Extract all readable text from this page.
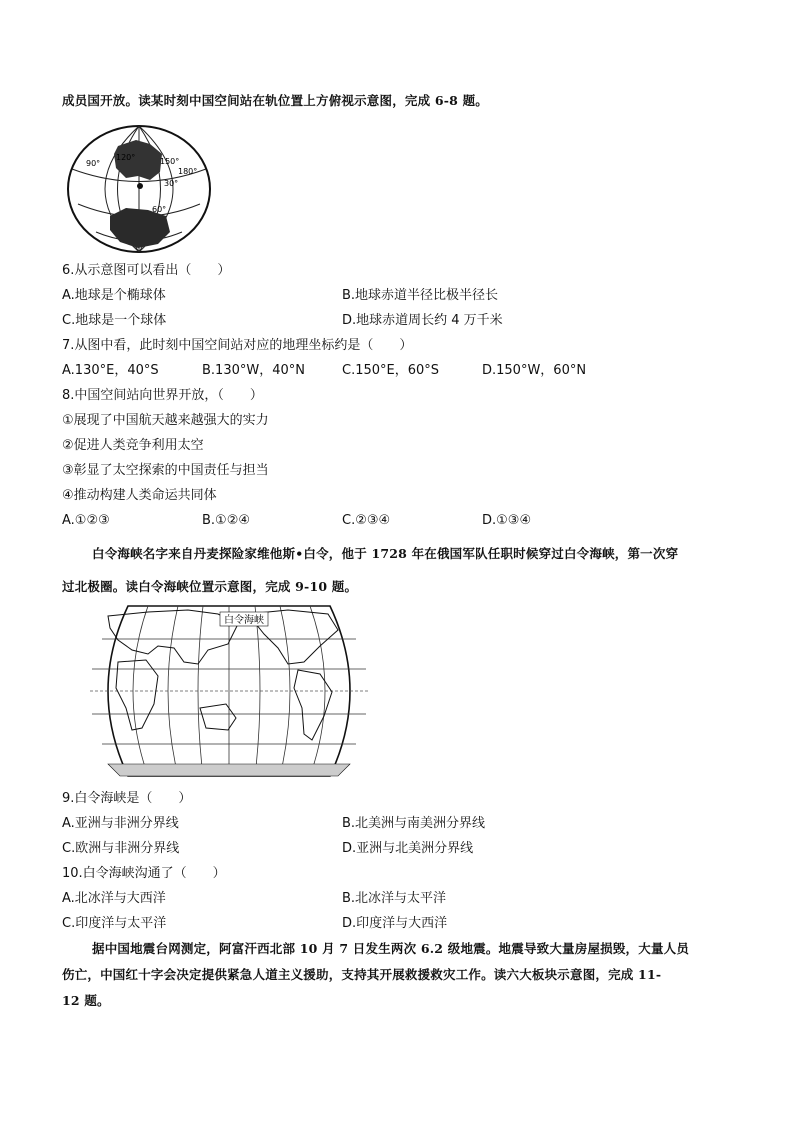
成员国开放。读某时刻中国空间站在轨位置上方俯视示意图，完成 6-8 题。
90°
120°	150°
180°
30°
60°
6.从示意图可以看出（　　）
A.地球是个椭球体	B.地球赤道半径比极半径长
C.地球是一个球体	D.地球赤道周长约 4 万千米
7.从图中看，此时刻中国空间站对应的地理坐标约是（　　）
A.130°E，40°S	B.130°W，40°N	C.150°E，60°S	D.150°W，60°N
8.中国空间站向世界开放，（　　）
①展现了中国航天越来越强大的实力
②促进人类竞争利用太空
③彰显了太空探索的中国责任与担当
④推动构建人类命运共同体
A.①②③	B.①②④	C.②③④	D.①③④
白令海峡名字来自丹麦探险家维他斯•白令，他于 1728 年在俄国军队任职时候穿过白令海峡，第一次穿
过北极圈。读白令海峡位置示意图，完成 9-10 题。
白令海峡
9.白令海峡是（　　）
A.亚洲与非洲分界线	B.北美洲与南美洲分界线
C.欧洲与非洲分界线	D.亚洲与北美洲分界线
10.白令海峡沟通了（　　）
A.北冰洋与大西洋	B.北冰洋与太平洋
C.印度洋与太平洋	D.印度洋与大西洋
据中国地震台网测定，阿富汗西北部 10 月 7 日发生两次 6.2 级地震。地震导致大量房屋损毁，大量人员
伤亡，中国红十字会决定提供紧急人道主义援助，支持其开展救援救灾工作。读六大板块示意图，完成 11-
12 题。
